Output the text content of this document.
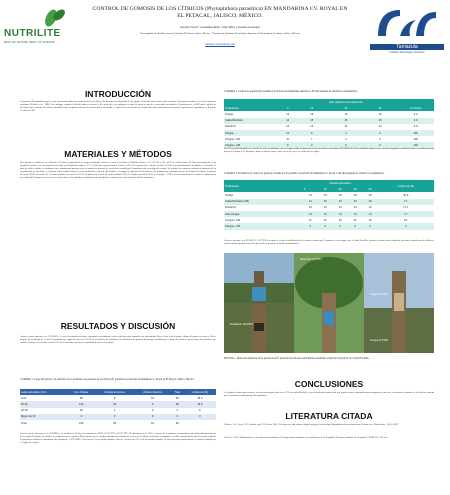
NUTRILITE
BEST OF NATURE, BEST OF SCIENCE
CONTROL DE GOMOSIS DE LOS CÍTRICOS (Phytophthora parasitica) EN MANDARINA CV. ROYAL EN
EL PETACAL, JALISCO, MÉXICO.
Anacleto Sosa¹*, Guadalupe Ruiz¹, Jorge Mata¹ y Gerardo González²
¹ Investigador de Nutrilite-Amway, Rancho El Petacal, Jalisco, México. ² Profesor del Instituto Tecnológico Superior de Tamazula de Gordiano, Jalisco, México.
anacleto.sosa@amway.com	Tamazula
Instituto Tecnológico Superior
INTRODUCCIÓN
La gomosis (Phytophthora spp.) es una enfermedad altamente destructiva de los cítricos. En las especies cultivadas de este grupo, el método más efectivo para controlar P. parasitica consiste en el uso de patrones resistentes (Fletcher et al., 2001). Sin embargo, cuando el tallo del patrón es menor de 40 cm de alto, este patógeno es capaz de atacar a especies y variedades susceptibles. Recientemente, en El Petacal, además de detectarse que en árboles de cítricos injertados sobre un patrón tolerante la enfermedad se desarrolla, el objetivo de este trabajo fue evaluar diferentes métodos para controlar P. parasitica en mandarina cv. Royal de 11 años de edad.
MATERIALES Y MÉTODOS
Este trabajo se estableció en el Rancho el Petacal, propiedad de la empresa Nutrilite-Amway, el cual se localiza en Tolimán, Jalisco a 19° 38' LN y 103° 42' LO a 1060 msnm. El clima predominante es un templado semiseco con una temperatura media y precipitación anual de 17°C y 450 mm, respectivamente (García, 1976). El experimento se inició en junio de 2014 en una plantación de mandarina cv. Royal de 11 años de edad en donde se estudiaron cinco tratamientos para prevenir y controlar la gomosis de los cítricos causada por P. parasitica más un testigo sin control. La variable de respuesta evaluada al momento de su reproducción fue injertada en el patrón Citrus volkameriana el cual se realizaron a scala de pH alcalino y el ataque de gomosis de los cítricos. Los tratamientos evaluados fueron: 1) testigo sin control; 2) pintado del tronco (PT) con fosetil-Al; 3) control químico con fosetil-Al (CF); 4) aplicación al suelo de fosfito potásico (FP); 5) cirugía y fosetil-Al (CF) y 6) cirugía + CTB. Los seis tratamientos a evaluar se establecieron con el diseño de bloques al azar con tres repeticiones. Las variables evaluadas fueron incidencia y control de la enfermedad en árboles infectados.
RESULTADOS Y DISCUSIÓN
Como se puede apreciar en el CUADRO 1, el uso de un patrón resistente a gomosis en mandarina, no fue suficiente para controlar esta enfermedad. Esto se debe a que cuando el largo del patrón es menor a 10 cm, después de un tiempo de 11 años P. parasitica fue capaz de infectar el 76.3% de los árboles de mandarina. La incidencia de gomosis disminuyó a medida que el largo del patrón se incrementó, observándose que cuando el patrón se encuentra a más de 30 cm, P. parasitica no tuvo la capacidad de atacar esta cultivo.
CUADRO 1. Largo del patrón y su relación con la incidencia de gomosis de los cítricos (P. parasitica) en árboles de mandarina cv. Royal en El Petacal, Jalisco, México.
Largo del patrón (Cm)	No. Árboles	Árboles Enfermos	Árboles Muertos	Total	Incidencia (%)
0-10	38	9	10	29	76.3
10-20	143	28	9	28	19.6
20-25	25	2	0	2	8
Mayor de 30	4	0	0	0	0
Total	210	39	19	49	
Como se puede observar en el CUADRO 3, en un lapso de 60 días, los tratamientos RCTI, RCTI+PTF y RCTI+PTF+FF disminuyeron el 100% el avance de la gomosis, encontrándose que independientemente de la severidad del ataque, los árboles se recuperaron por completo. Estos supone que la cirugía realizada para eliminar la corteza de los árboles infectados es altamente efectiva como práctica correctiva para controlar la gomosis en árboles de mandarina. En contraparte, el CUADRO 3 del fosetil-Al y del fosfito potásico solo fue efectivo en el 33 % de los árboles tratados, lo cual representó prácticamente el mismo resultado que el testigo sin control.
CUADRO 2. Control de gomosis (P. parasitica) en árboles de mandarina enfermos a 60 días después de realizar los tratamientos.
		Días después del tratamiento			
Tratamiento	0	15	30	45	% control
Testigo	13	15	15	16	0.0
Caldo Bordelés	14	15	15	15	0.0
Fosetil Al	12	14	14	14	0.0
Cirugía	13	8	4	0	100
Cirugía + FAI	11	7	2	0	100
Cirugía + CB	9	2	0	0	100
En PT con caldo Bordelés y/o Fosetil Al solo o combinado con la cirugía redujo la aparición de nuevas árboles infectados (CUADRO 3). Estos resultados sugieren que, los dos fungicidas evaluados pueden ser utilizados para prevenir el ataque de P. parasitica, tanto en árboles sanos, como en los que ya se les realizado la cirugía.
CUADRO 3. Incidencia de control de gomosis causada por P. parasitica en árboles de Mandarina cv. Royal a 120 días después de realizar los tratamientos.
Tratamiento	Árboles infectados					Incidencia (%)
	0	15	30	45	60	
Testigo	13	15	15	16	18	30.5
Caldo Bordelés (CB)	14	15	15	15	15	7.1
Fosetil Al	12	14	14	14	14	17.1
Solo Cirugía	13	13	14	14	14	7.7
Cirugía + FAI	11	12	12	12	12	9.1
Cirugía + CB	9	9	9	9	9	0
Como se muestra en la FIGURA 1, El PTCB fue capaz de evitar la solidificación de la goma exercida por P. parasitica, esto sugiere que el caldo Bordelés además de actuar como fungicida preventivo también puede utilizarse como herramienta para detectar la presencia de gomosis en árboles asintomáticos.
Detección (A PDT)
Exudación (40 PDT)
Cirugía (8 PDT)
Cirugía (0 PDT)
FIGURA 1. Detección temprana de la presencia de P. parasitica en árboles asintomáticos mediante el pintado del patrón con caldo Bordelés.
CONCLUSIONES
La cirugía al tronco para remover la corteza infectada junto con el PT con caldo Bordelés y sus dos prácticas aprovechar que pueden usarse combinadas para diagnosticar, prevenir y controlar la gomosis de los cítricos causada por P. parasitica en plantaciones de mandarina.
LITERATURA CITADA
Fletcher, S. R., Sosa, D. E. Escobar, and J.H. Everitt. 2001. Field spectra, and airborne digital imagery for detecting Phytophthora foot rot infections in citrus trees. HortScience. 36(1): 94-97.
García, E. 1976. Modificaciones a la clasificación climática de Köeppen para adaptarla a las condiciones de la República Mexicana. Instituto de Geografía. UNAM. D.F., México.
